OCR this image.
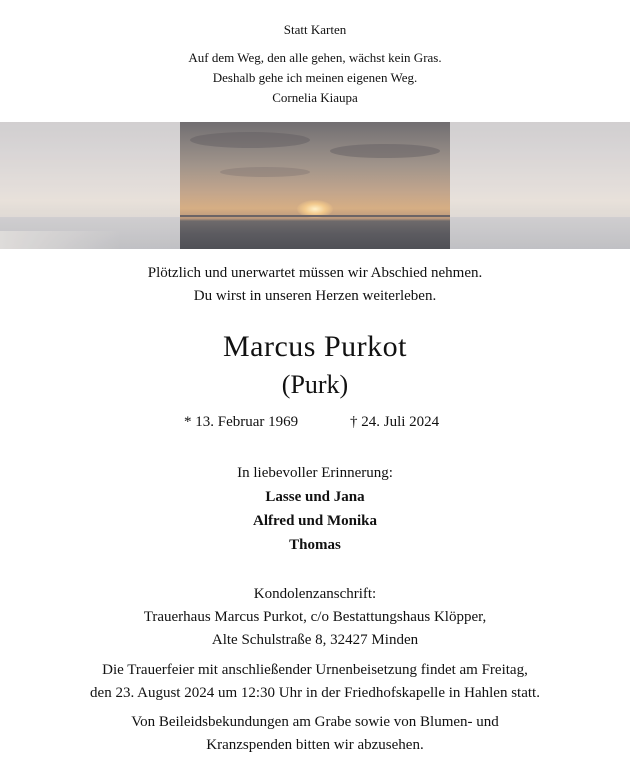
Statt Karten
Auf dem Weg, den alle gehen, wächst kein Gras.
Deshalb gehe ich meinen eigenen Weg.
Cornelia Kiaupa
Plötzlich und unerwartet müssen wir Abschied nehmen.
Du wirst in unseren Herzen weiterleben.
Marcus Purkot
(Purk)
* 13. Februar 1969	† 24. Juli 2024
In liebevoller Erinnerung:
Lasse und Jana
Alfred und Monika
Thomas
Kondolenzanschrift:
Trauerhaus Marcus Purkot, c/o Bestattungshaus Klöpper,
Alte Schulstraße 8, 32427 Minden
Die Trauerfeier mit anschließender Urnenbeisetzung findet am Freitag,
den 23. August 2024 um 12:30 Uhr in der Friedhofskapelle in Hahlen statt.
Von Beileidsbekundungen am Grabe sowie von Blumen- und
Kranzspenden bitten wir abzusehen.
